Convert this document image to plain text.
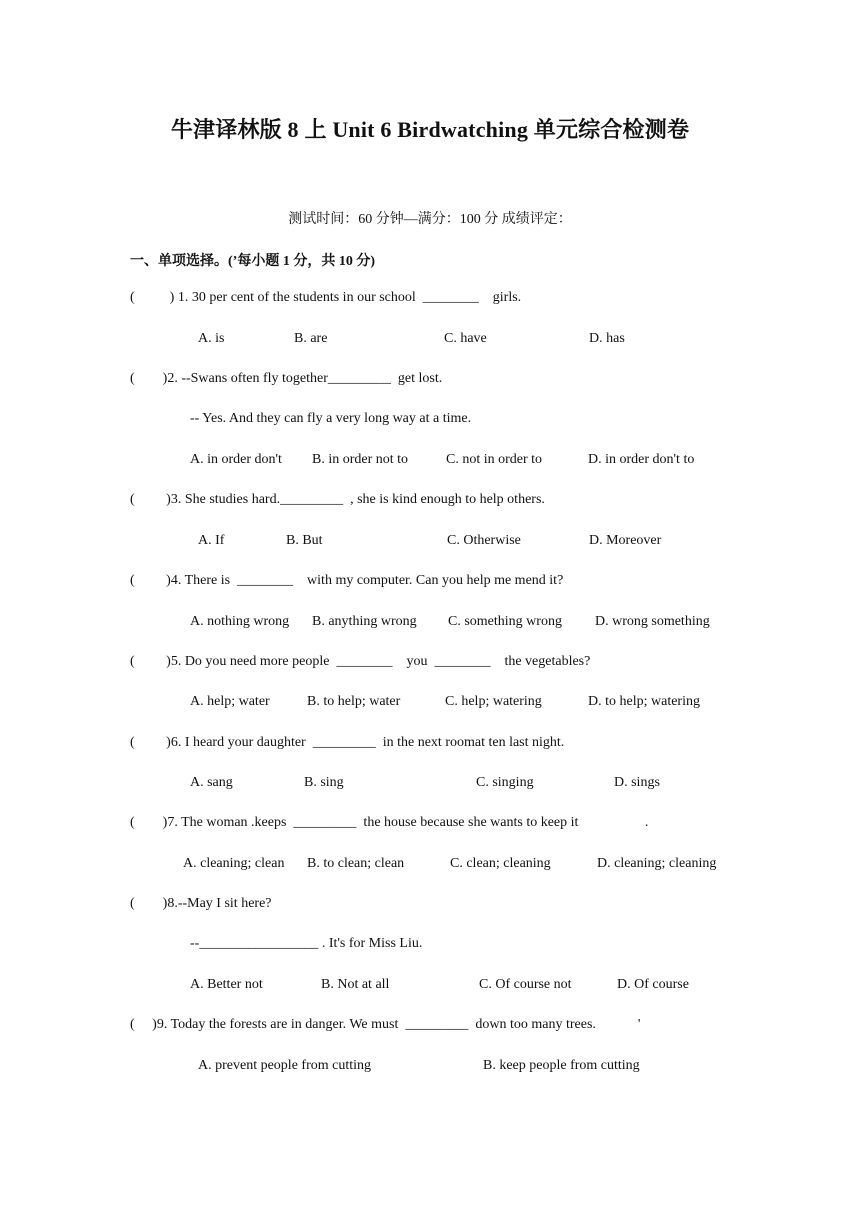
牛津译林版 8 上 Unit 6 Birdwatching 单元综合检测卷
测试时间：60 分钟—满分：100 分 成绩评定：
一、单项选择。(’每小题 1 分，共 10 分)
(          ) 1. 30 per cent of the students in our school  ________    girls.
A. is	B. are	C. have	D. has
(        )2. --Swans often fly together_________  get lost.
-- Yes. And they can fly a very long way at a time.
A. in order don't B. in order not to	C. not in order to	D. in order don't to
(         )3. She studies hard._________  , she is kind enough to help others.
A. If	B. But	C. Otherwise	D. Moreover
(         )4. There is  ________    with my computer. Can you help me mend it?
A. nothing wrong B. anything wrong C. something wrong D. wrong something
(         )5. Do you need more people  ________    you  ________    the vegetables?
A. help; water	B. to help; water	C. help; watering	D. to help; watering
(         )6. I heard your daughter  _________  in the next roomat ten last night.
A. sang	B. sing	C. singing	D. sings
(        )7. The woman .keeps  _________  the house because she wants to keep it                   .
A. cleaning; clean B. to clean; clean	C. clean; cleaning	D. cleaning; cleaning
(        )8.--May I sit here?
--_________________ . It's for Miss Liu.
A. Better not	B. Not at all	C. Of course not	D. Of course
(     )9. Today the forests are in danger. We must  _________  down too many trees.            '
A. prevent people from cutting	B. keep people from cutting
